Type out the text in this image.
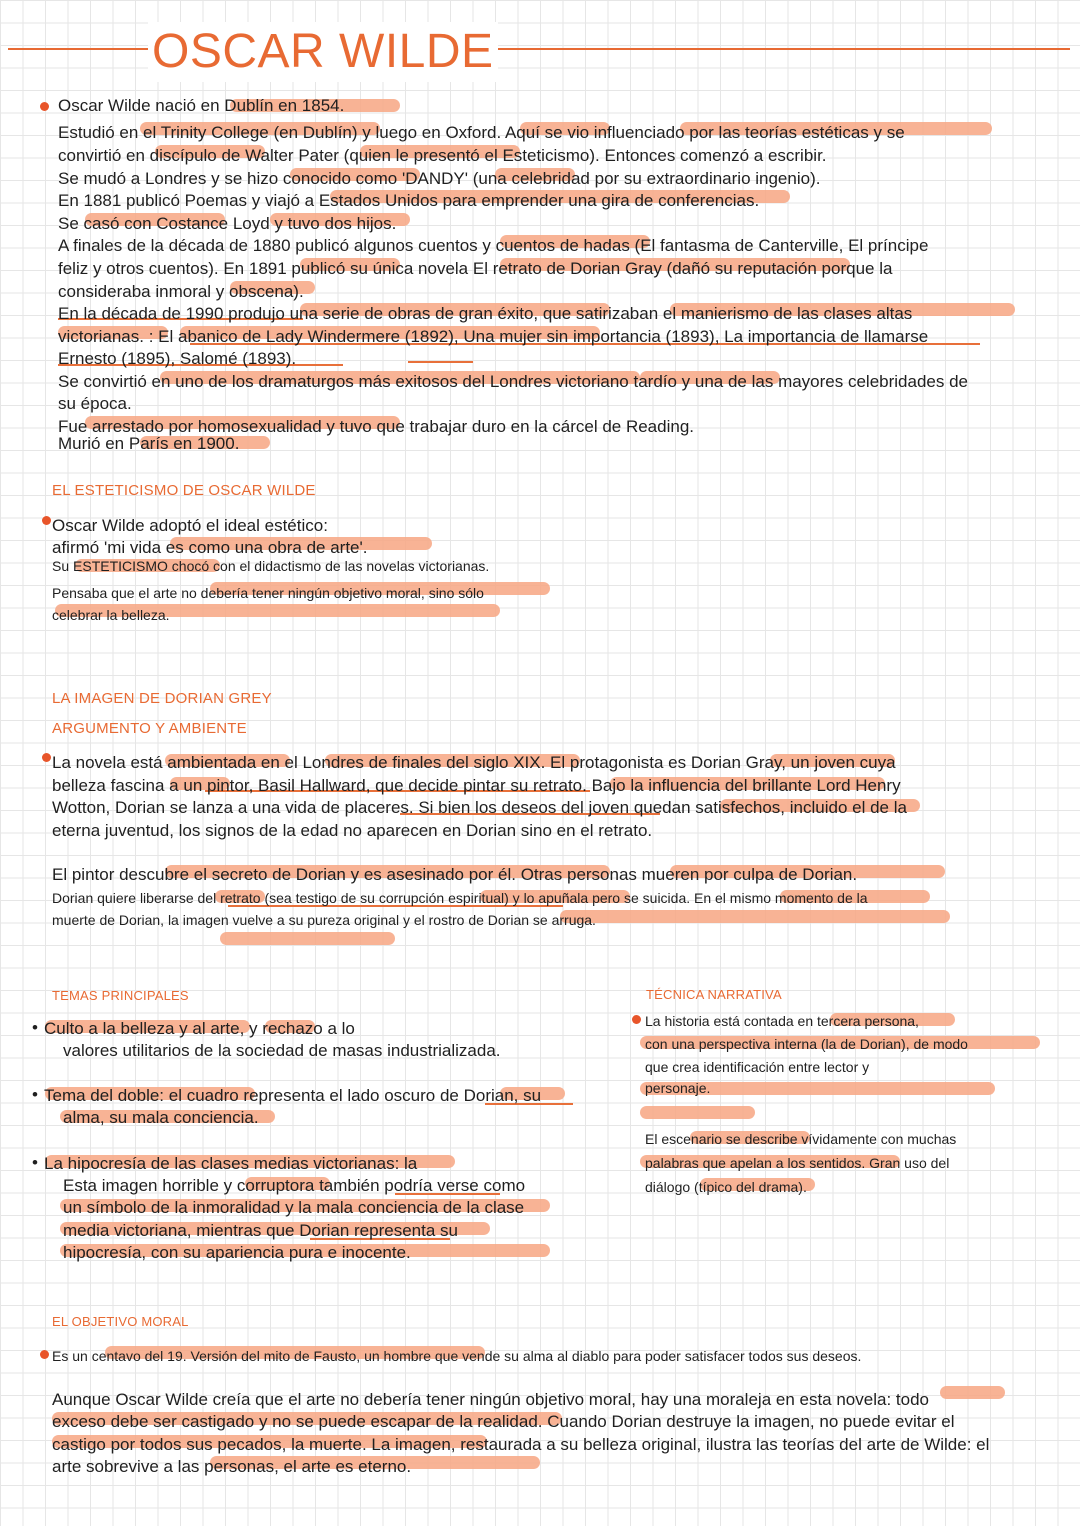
OSCAR WILDE
Oscar Wilde nació en Dublín en 1854.
Estudió en el Trinity College (en Dublín) y luego en Oxford. Aquí se vio influenciado por las teorías estéticas y se
convirtió en discípulo de Walter Pater (quien le presentó el Esteticismo). Entonces comenzó a escribir.
Se mudó a Londres y se hizo conocido como 'DANDY' (una celebridad por su extraordinario ingenio).
En 1881 publicó Poemas y viajó a Estados Unidos para emprender una gira de conferencias.
Se casó con Costance Loyd y tuvo dos hijos.
A finales de la década de 1880 publicó algunos cuentos y cuentos de hadas (El fantasma de Canterville, El príncipe
feliz y otros cuentos). En 1891 publicó su única novela El retrato de Dorian Gray (dañó su reputación porque la
consideraba inmoral y obscena).
En la década de 1990 produjo una serie de obras de gran éxito, que satirizaban el manierismo de las clases altas
victorianas. : El abanico de Lady Windermere (1892), Una mujer sin importancia (1893), La importancia de llamarse
Ernesto (1895), Salomé (1893).
Se convirtió en uno de los dramaturgos más exitosos del Londres victoriano tardío y una de las mayores celebridades de
su época.
Fue arrestado por homosexualidad y tuvo que trabajar duro en la cárcel de Reading.
Murió en París en 1900.
EL ESTETICISMO DE OSCAR WILDE
Oscar Wilde adoptó el ideal estético:
afirmó 'mi vida es como una obra de arte'.
Su ESTETICISMO chocó con el didactismo de las novelas victorianas.
Pensaba que el arte no debería tener ningún objetivo moral, sino sólo
celebrar la belleza.
LA IMAGEN DE DORIAN GREY
ARGUMENTO Y AMBIENTE
La novela está ambientada en el Londres de finales del siglo XIX. El protagonista es Dorian Gray, un joven cuya
belleza fascina a un pintor, Basil Hallward, que decide pintar su retrato. Bajo la influencia del brillante Lord Henry
Wotton, Dorian se lanza a una vida de placeres. Si bien los deseos del joven quedan satisfechos, incluido el de la
eterna juventud, los signos de la edad no aparecen en Dorian sino en el retrato.
El pintor descubre el secreto de Dorian y es asesinado por él. Otras personas mueren por culpa de Dorian.
Dorian quiere liberarse del retrato (sea testigo de su corrupción espiritual) y lo apuñala pero se suicida. En el mismo momento de la
muerte de Dorian, la imagen vuelve a su pureza original y el rostro de Dorian se arruga.
TEMAS PRINCIPALES
• Culto a la belleza y al arte, y rechazo a lo
valores utilitarios de la sociedad de masas industrializada.
• Tema del doble: el cuadro representa el lado oscuro de Dorian, su
alma, su mala conciencia.
• La hipocresía de las clases medias victorianas: la
Esta imagen horrible y corruptora también podría verse como
un símbolo de la inmoralidad y la mala conciencia de la clase
media victoriana, mientras que Dorian representa su
hipocresía, con su apariencia pura e inocente.
TÉCNICA NARRATIVA
La historia está contada en tercera persona,
con una perspectiva interna (la de Dorian), de modo
que crea identificación entre lector y
personaje.
El escenario se describe vívidamente con muchas
palabras que apelan a los sentidos. Gran uso del
diálogo (típico del drama).
EL OBJETIVO MORAL
Es un centavo del 19. Versión del mito de Fausto, un hombre que vende su alma al diablo para poder satisfacer todos sus deseos.
Aunque Oscar Wilde creía que el arte no debería tener ningún objetivo moral, hay una moraleja en esta novela: todo
exceso debe ser castigado y no se puede escapar de la realidad. Cuando Dorian destruye la imagen, no puede evitar el
castigo por todos sus pecados, la muerte. La imagen, restaurada a su belleza original, ilustra las teorías del arte de Wilde: el
arte sobrevive a las personas, el arte es eterno.
